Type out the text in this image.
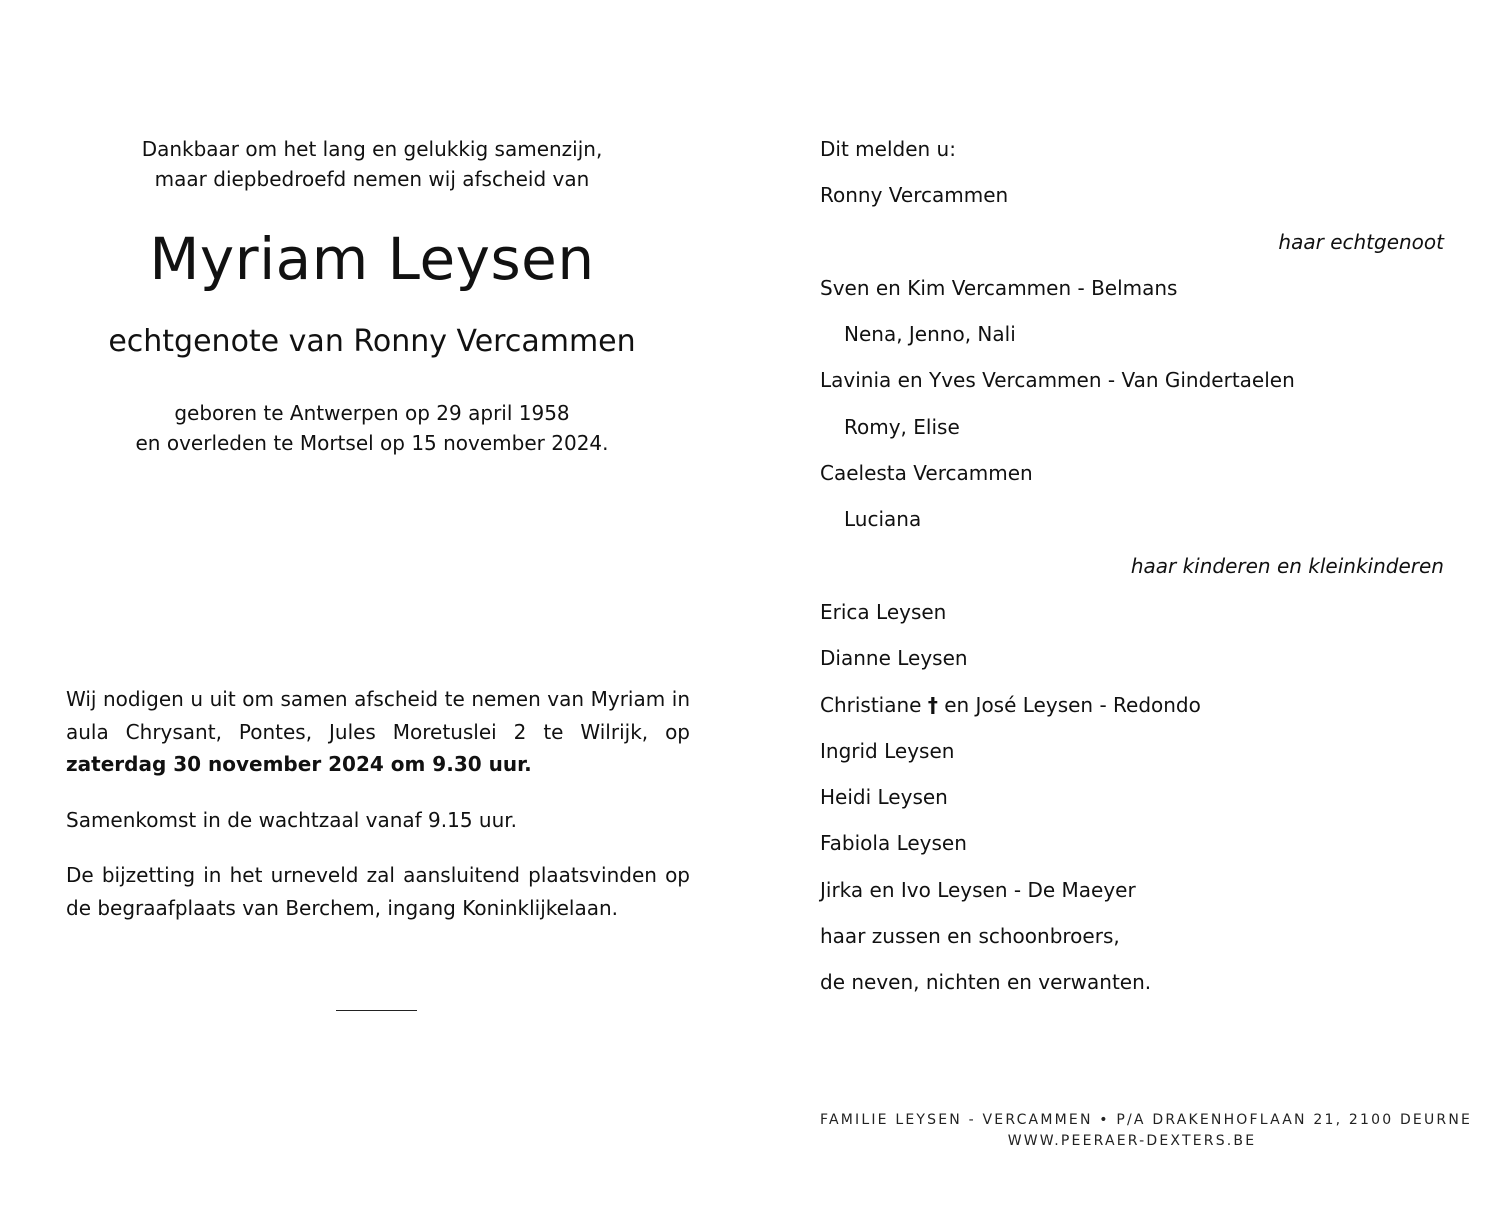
Dankbaar om het lang en gelukkig samenzijn,
maar diepbedroefd nemen wij afscheid van
Myriam Leysen
echtgenote van Ronny Vercammen
geboren te Antwerpen op 29 april 1958
en overleden te Mortsel op 15 november 2024.

Wij nodigen u uit om samen afscheid te nemen van Myriam in aula Chrysant, Pontes, Jules Moretuslei 2 te Wilrijk, op zaterdag 30 november 2024 om 9.30 uur.

Samenkomst in de wachtzaal vanaf 9.15 uur.

De bijzetting in het urneveld zal aansluitend plaatsvinden op de begraafplaats van Berchem, ingang Koninklijkelaan.

Dit melden u:
Ronny Vercammen
haar echtgenoot
Sven en Kim Vercammen - Belmans
Nena, Jenno, Nali
Lavinia en Yves Vercammen - Van Gindertaelen
Romy, Elise
Caelesta Vercammen
Luciana
haar kinderen en kleinkinderen
Erica Leysen
Dianne Leysen
Christiane † en José Leysen - Redondo
Ingrid Leysen
Heidi Leysen
Fabiola Leysen
Jirka en Ivo Leysen - De Maeyer
haar zussen en schoonbroers,
de neven, nichten en verwanten.
FAMILIE LEYSEN - VERCAMMEN • P/A DRAKENHOFLAAN 21, 2100 DEURNE
WWW.PEERAER-DEXTERS.BE
